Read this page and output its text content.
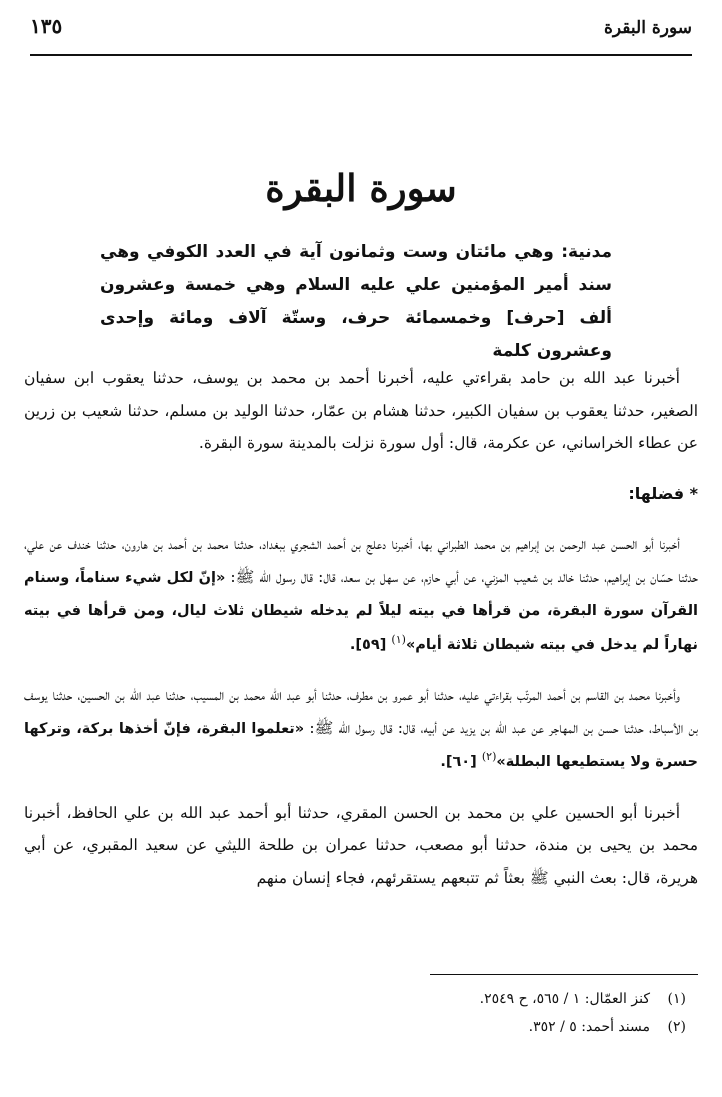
١٣٥	سورة البقرة
سورة البقرة

مدنية: وهي مائتان وست وثمانون آية في العدد الكوفي وهي سند أمير المؤمنين علي عليه السلام وهي خمسة وعشرون ألف [حرف] وخمسمائة حرف، وستّة آلاف ومائة وإحدى وعشرون كلمة

أخبرنا عبد الله بن حامد بقراءتي عليه، أخبرنا أحمد بن محمد بن يوسف، حدثنا يعقوب ابن سفيان الصغير، حدثنا يعقوب بن سفيان الكبير، حدثنا هشام بن عمّار، حدثنا الوليد بن مسلم، حدثنا شعيب بن زرين عن عطاء الخراساني، عن عكرمة، قال: أول سورة نزلت بالمدينة سورة البقرة.

* فضلها:

أخبرنا أبو الحسن عبد الرحمن بن إبراهيم بن محمد الطبراني بها، أخبرنا دعلج بن أحمد الشجري ببغداد، حدثنا محمد بن أحمد بن هارون، حدثنا خندف عن علي، حدثنا حسّان بن إبراهيم، حدثنا خالد بن شعيب المزني، عن أبي حازم، عن سهل بن سعد، قال: قال رسول الله ﷺ: «إنّ لكل شيء سناماً، وسنام القرآن سورة البقرة، من قرأها في بيته ليلاً لم يدخله شيطان ثلاث ليال، ومن قرأها في بيته نهاراً لم يدخل في بيته شيطان ثلاثة أيام»$^{(١)}$ [٥٩].

وأخبرنا محمد بن القاسم بن أحمد المرتّب بقراءتي عليه، حدثنا أبو عمرو بن مطرف، حدثنا أبو عبد الله محمد بن المسيب، حدثنا عبد الله بن الحسين، حدثنا يوسف بن الأسباط، حدثنا حسن بن المهاجر عن عبد الله بن يزيد عن أبيه، قال: قال رسول الله ﷺ: «تعلموا البقرة، فإنّ أخذها بركة، وتركها حسرة ولا يستطيعها البطلة»$^{(٢)}$ [٦٠].

أخبرنا أبو الحسين علي بن محمد بن الحسن المقري، حدثنا أبو أحمد عبد الله بن علي الحافظ، أخبرنا محمد بن يحيى بن مندة، حدثنا أبو مصعب، حدثنا عمران بن طلحة الليثي عن سعيد المقبري، عن أبي هريرة، قال: بعث النبي ﷺ بعثاً ثم تتبعهم يستقرئهم، فجاء إنسان منهم

(١)كنز العمّال: ١ / ٥٦٥، ح ٢٥٤٩.
(٢)مسند أحمد: ٥ / ٣٥٢.
